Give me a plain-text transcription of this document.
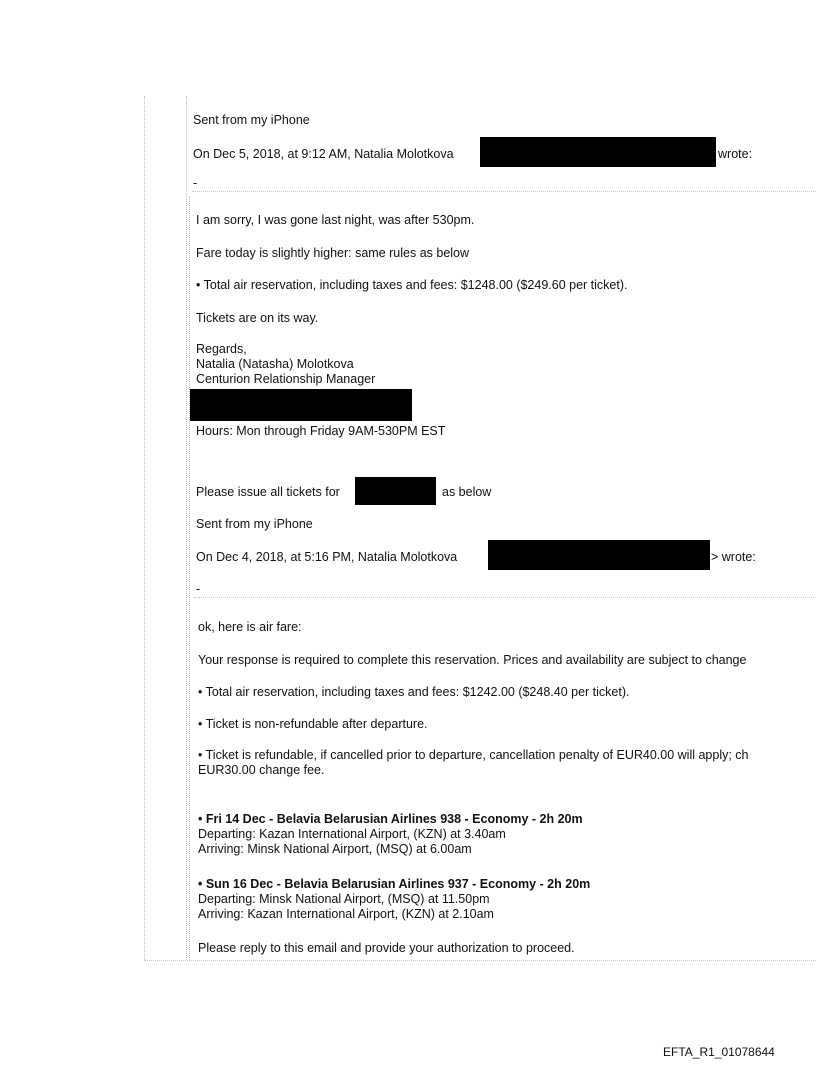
Sent from my iPhone
On Dec 5, 2018, at 9:12 AM, Natalia Molotkova	wrote:
-
I am sorry, I was gone last night, was after 530pm.
Fare today is slightly higher: same rules as below
• Total air reservation, including taxes and fees: $1248.00 ($249.60 per ticket).
Tickets are on its way.
Regards,
Natalia (Natasha) Molotkova
Centurion Relationship Manager
Hours: Mon through Friday 9AM-530PM EST
Please issue all tickets for	as below
Sent from my iPhone
On Dec 4, 2018, at 5:16 PM, Natalia Molotkova	> wrote:
-
ok, here is air fare:
Your response is required to complete this reservation. Prices and availability are subject to change
• Total air reservation, including taxes and fees: $1242.00 ($248.40 per ticket).
• Ticket is non-refundable after departure.
• Ticket is refundable, if cancelled prior to departure, cancellation penalty of EUR40.00 will apply; ch
EUR30.00 change fee.
• Fri 14 Dec - Belavia Belarusian Airlines 938 - Economy - 2h 20m
Departing: Kazan International Airport, (KZN) at 3.40am
Arriving: Minsk National Airport, (MSQ) at 6.00am
• Sun 16 Dec - Belavia Belarusian Airlines 937 - Economy - 2h 20m
Departing: Minsk National Airport, (MSQ) at 11.50pm
Arriving: Kazan International Airport, (KZN) at 2.10am
Please reply to this email and provide your authorization to proceed.
EFTA_R1_01078644
